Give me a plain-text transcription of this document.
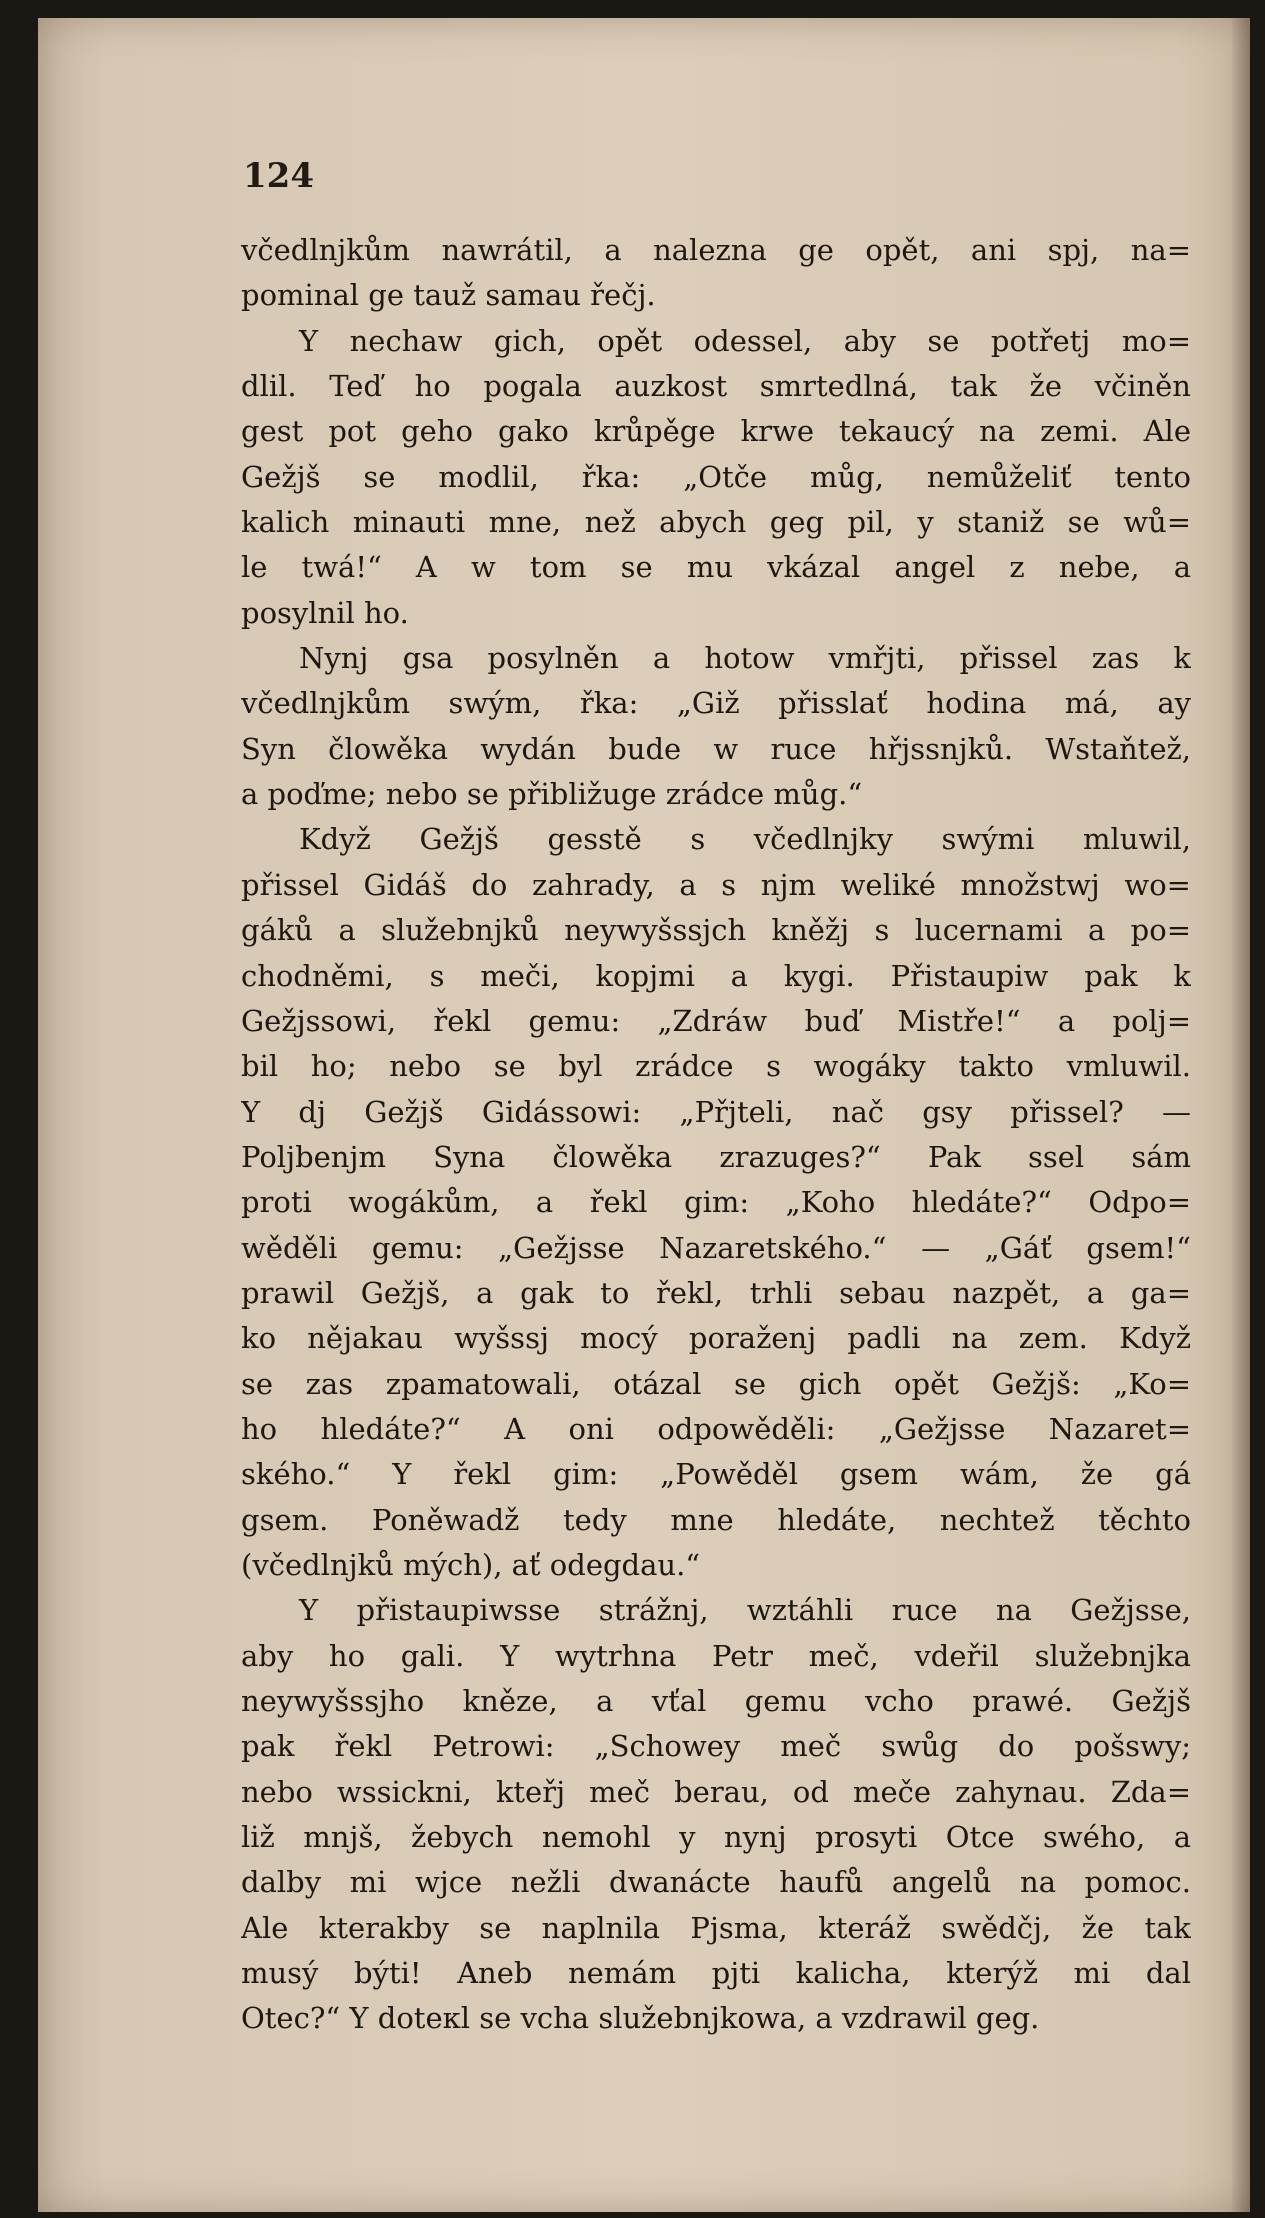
124
včedlnjkům nawrátil, a nalezna ge opět, ani spj, na=
pominal ge tauž samau řečj.
Y nechaw gich, opět odessel, aby se potřetj mo=
dlil. Teď ho pogala auzkost smrtedlná, tak že včiněn
gest pot geho gako krůpěge krwe tekaucý na zemi. Ale
Gežjš se modlil, řka: „Otče můg, nemůželiť tento
kalich minauti mne, než abych geg pil, y staniž se wů=
le twá!“ A w tom se mu vkázal angel z nebe, a
posylnil ho.
Nynj gsa posylněn a hotow vmřjti, přissel zas k
včedlnjkům swým, řka: „Giž přisslať hodina má, ay
Syn člowěka wydán bude w ruce hřjssnjků. Wstaňtež,
a poďme; nebo se přibližuge zrádce můg.“
Když Gežjš gesstě s včedlnjky swými mluwil,
přissel Gidáš do zahrady, a s njm weliké množstwj wo=
gáků a služebnjků neywyšssjch kněžj s lucernami a po=
chodněmi, s meči, kopjmi a kygi. Přistaupiw pak k
Gežjssowi, řekl gemu: „Zdráw buď Mistře!“ a polj=
bil ho; nebo se byl zrádce s wogáky takto vmluwil.
Y dj Gežjš Gidássowi: „Přjteli, nač gsy přissel? —
Poljbenjm Syna člowěka zrazuges?“ Pak ssel sám
proti wogákům, a řekl gim: „Koho hledáte?“ Odpo=
wěděli gemu: „Gežjsse Nazaretského.“ — „Gáť gsem!“
prawil Gežjš, a gak to řekl, trhli sebau nazpět, a ga=
ko nějakau wyšssj mocý poraženj padli na zem. Když
se zas zpamatowali, otázal se gich opět Gežjš: „Ko=
ho hledáte?“ A oni odpowěděli: „Gežjsse Nazaret=
ského.“ Y řekl gim: „Powěděl gsem wám, že gá
gsem. Poněwadž tedy mne hledáte, nechtež těchto
(včedlnjků mých), ať odegdau.“
Y přistaupiwsse strážnj, wztáhli ruce na Gežjsse,
aby ho gali. Y wytrhna Petr meč, vdeřil služebnjka
neywyšssjho kněze, a vťal gemu vcho prawé. Gežjš
pak řekl Petrowi: „Schowey meč swůg do pošswy;
nebo wssickni, kteřj meč berau, od meče zahynau. Zda=
liž mnjš, žebych nemohl y nynj prosyti Otce swého, a
dalby mi wjce nežli dwanácte haufů angelů na pomoc.
Ale kterakby se naplnila Pjsma, kteráž swědčj, že tak
musý býti! Aneb nemám pjti kalicha, kterýž mi dal
Otec?“ Y doteкl se vcha služebnjkowa, a vzdrawil geg.
